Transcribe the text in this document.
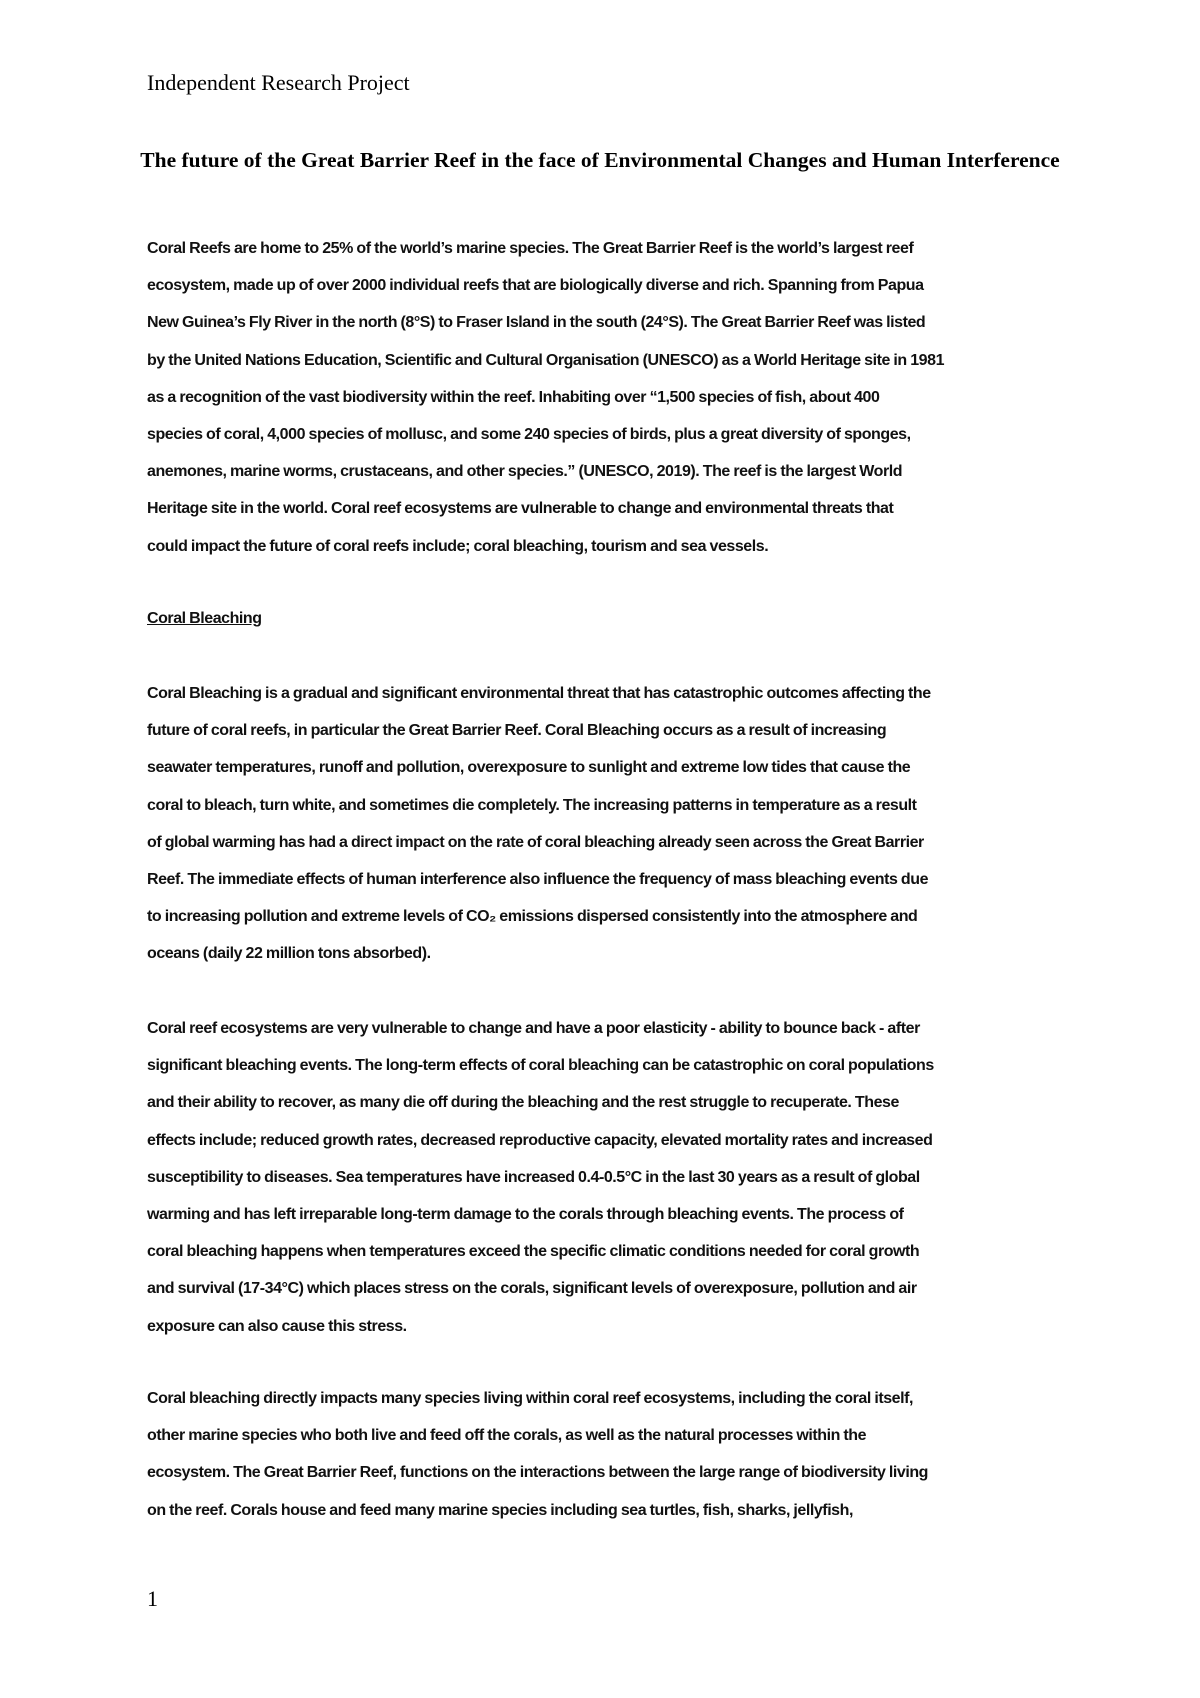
Independent Research Project
The future of the Great Barrier Reef in the face of Environmental Changes and Human Interference
Coral Reefs are home to 25% of the world’s marine species. The Great Barrier Reef is the world’s largest reef
ecosystem, made up of over 2000 individual reefs that are biologically diverse and rich. Spanning from Papua
New Guinea’s Fly River in the north (8°S) to Fraser Island in the south (24°S). The Great Barrier Reef was listed
by the United Nations Education, Scientific and Cultural Organisation (UNESCO) as a World Heritage site in 1981
as a recognition of the vast biodiversity within the reef. Inhabiting over “1,500 species of fish, about 400
species of coral, 4,000 species of mollusc, and some 240 species of birds, plus a great diversity of sponges,
anemones, marine worms, crustaceans, and other species.” (UNESCO, 2019). The reef is the largest World
Heritage site in the world. Coral reef ecosystems are vulnerable to change and environmental threats that
could impact the future of coral reefs include; coral bleaching, tourism and sea vessels.
Coral Bleaching
Coral Bleaching is a gradual and significant environmental threat that has catastrophic outcomes affecting the
future of coral reefs, in particular the Great Barrier Reef. Coral Bleaching occurs as a result of increasing
seawater temperatures, runoff and pollution, overexposure to sunlight and extreme low tides that cause the
coral to bleach, turn white, and sometimes die completely. The increasing patterns in temperature as a result
of global warming has had a direct impact on the rate of coral bleaching already seen across the Great Barrier
Reef. The immediate effects of human interference also influence the frequency of mass bleaching events due
to increasing pollution and extreme levels of CO₂ emissions dispersed consistently into the atmosphere and
oceans (daily 22 million tons absorbed).
Coral reef ecosystems are very vulnerable to change and have a poor elasticity - ability to bounce back - after
significant bleaching events. The long-term effects of coral bleaching can be catastrophic on coral populations
and their ability to recover, as many die off during the bleaching and the rest struggle to recuperate. These
effects include; reduced growth rates, decreased reproductive capacity, elevated mortality rates and increased
susceptibility to diseases. Sea temperatures have increased 0.4-0.5°C in the last 30 years as a result of global
warming and has left irreparable long-term damage to the corals through bleaching events. The process of
coral bleaching happens when temperatures exceed the specific climatic conditions needed for coral growth
and survival (17-34°C) which places stress on the corals, significant levels of overexposure, pollution and air
exposure can also cause this stress.
Coral bleaching directly impacts many species living within coral reef ecosystems, including the coral itself,
other marine species who both live and feed off the corals, as well as the natural processes within the
ecosystem. The Great Barrier Reef, functions on the interactions between the large range of biodiversity living
on the reef. Corals house and feed many marine species including sea turtles, fish, sharks, jellyfish,
1
